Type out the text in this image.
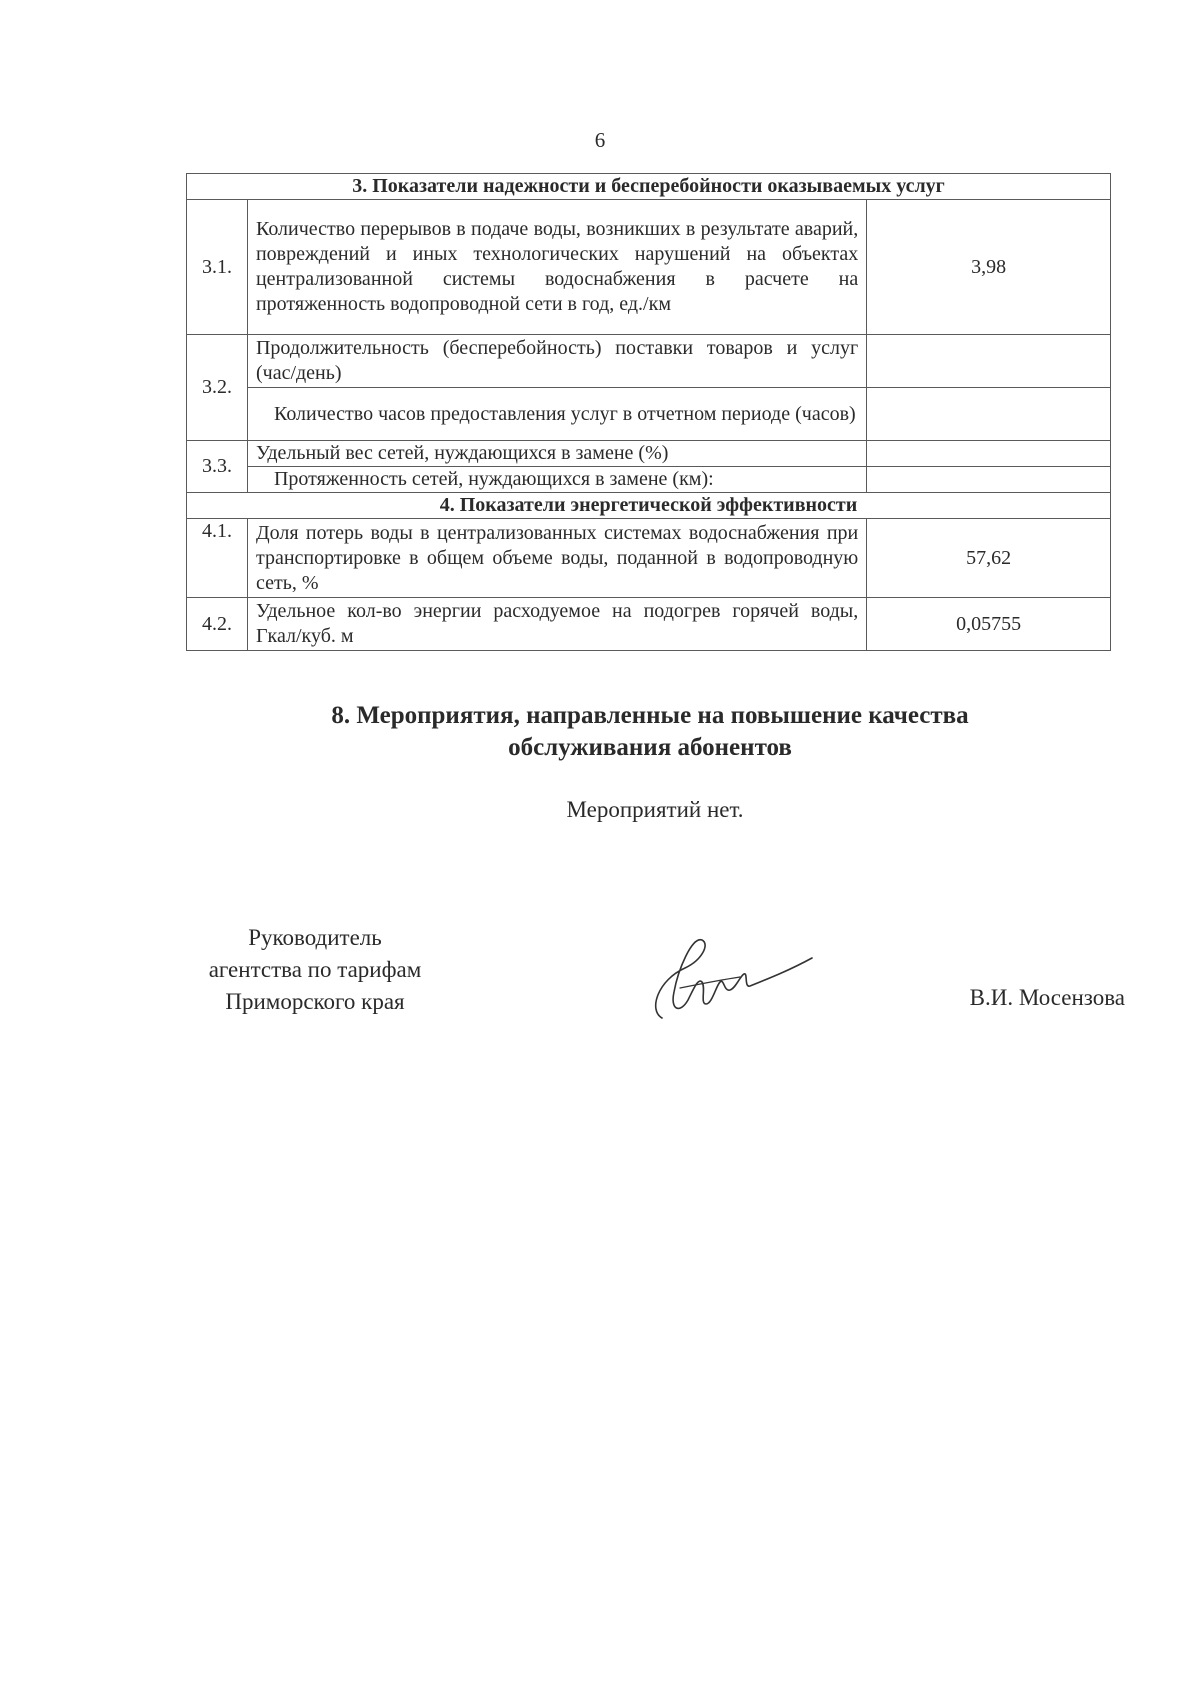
6
3. Показатели надежности и бесперебойности оказываемых услуг		
3.1.	Количество перерывов в подаче воды, возникших в результате аварий, повреждений и иных технологических нарушений на объектах централизованной системы водоснабжения в расчете на протяженность водопроводной сети в год, ед./км	3,98
3.2.	Продолжительность (бесперебойность) поставки товаров и услуг (час/день)	
	Количество часов предоставления услуг в отчетном периоде (часов)	
3.3.	Удельный вес сетей, нуждающихся в замене (%)	
	Протяженность сетей, нуждающихся в замене (км):	
4. Показатели энергетической эффективности		
4.1.	Доля потерь воды в централизованных системах водоснабжения при транспортировке в общем объеме воды, поданной в водопроводную сеть, %	57,62
4.2.	Удельное кол-во энергии расходуемое на подогрев горячей воды, Гкал/куб. м	0,05755
8. Мероприятия, направленные на повышение качества
обслуживания абонентов
Мероприятий нет.
Руководитель
агентства по тарифам
Приморского края	В.И. Мосензова
